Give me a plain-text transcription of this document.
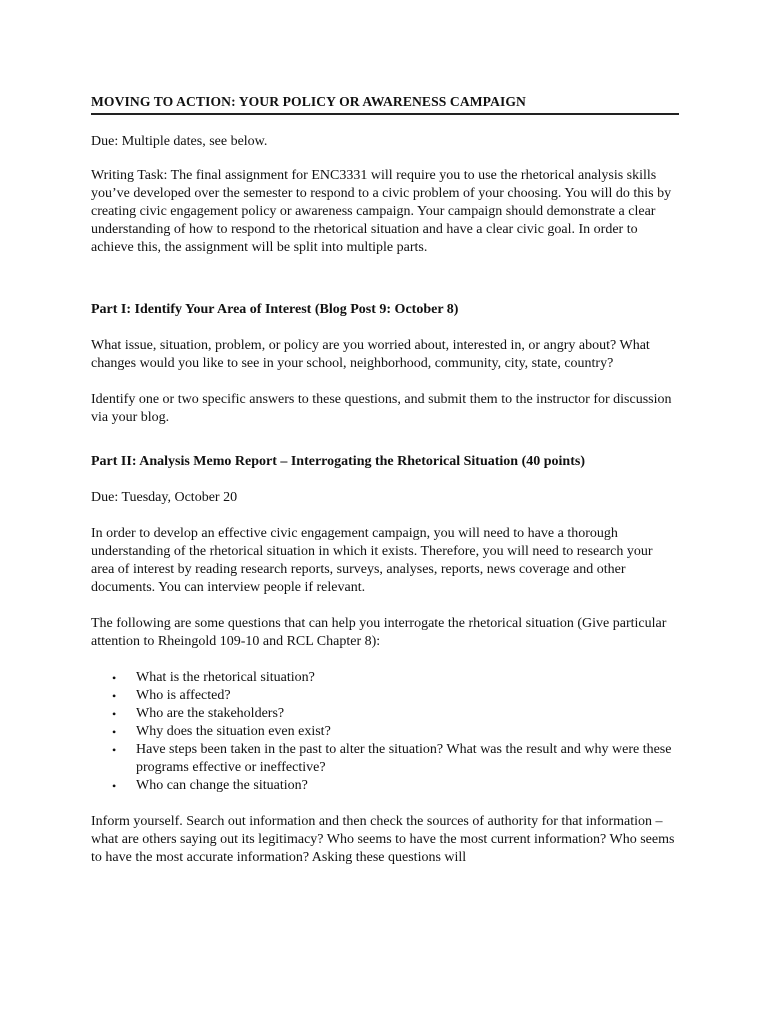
MOVING TO ACTION: YOUR POLICY OR AWARENESS CAMPAIGN

Due: Multiple dates, see below.

Writing Task: The final assignment for ENC3331 will require you to use the rhetorical analysis skills you’ve developed over the semester to respond to a civic problem of your choosing. You will do this by creating civic engagement policy or awareness campaign. Your campaign should demonstrate a clear understanding of how to respond to the rhetorical situation and have a clear civic goal. In order to achieve this, the assignment will be split into multiple parts.

Part I: Identify Your Area of Interest (Blog Post 9: October 8)

What issue, situation, problem, or policy are you worried about, interested in, or angry about? What changes would you like to see in your school, neighborhood, community, city, state, country?

Identify one or two specific answers to these questions, and submit them to the instructor for discussion via your blog.

Part II: Analysis Memo Report – Interrogating the Rhetorical Situation (40 points)

Due: Tuesday, October 20

In order to develop an effective civic engagement campaign, you will need to have a thorough understanding of the rhetorical situation in which it exists. Therefore, you will need to research your area of interest by reading research reports, surveys, analyses, reports, news coverage and other documents. You can interview people if relevant.

The following are some questions that can help you interrogate the rhetorical situation (Give particular attention to Rheingold 109-10 and RCL Chapter 8):

• What is the rhetorical situation?
• Who is affected?
• Who are the stakeholders?
• Why does the situation even exist?
• Have steps been taken in the past to alter the situation? What was the result and why were these programs effective or ineffective?
• Who can change the situation?

Inform yourself. Search out information and then check the sources of authority for that information – what are others saying out its legitimacy? Who seems to have the most current information? Who seems to have the most accurate information? Asking these questions will
